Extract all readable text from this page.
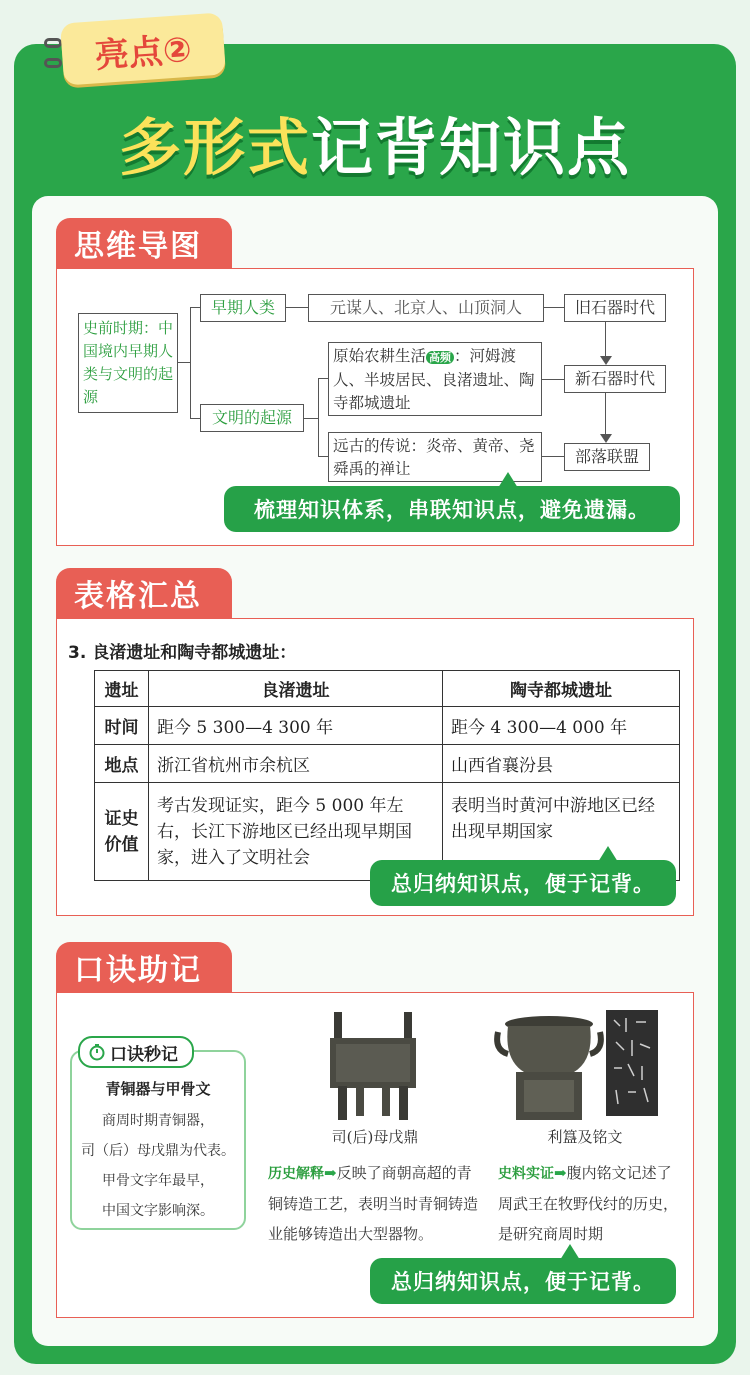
亮点②
多形式记背知识点
思维导图
史前时期：中国境内早期人类与文明的起源
早期人类
文明的起源
元谋人、北京人、山顶洞人	旧石器时代
原始农耕生活 高频 ：河姆渡人、半坡居民、良渚遗址、陶寺都城遗址
新石器时代
远古的传说：炎帝、黄帝、尧舜禹的禅让
部落联盟
梳理知识体系，串联知识点，避免遗漏。
表格汇总
3. 良渚遗址和陶寺都城遗址：
遗址	良渚遗址	陶寺都城遗址
时间	距今 5 300—4 300 年	距今 4 300—4 000 年
地点	浙江省杭州市余杭区	山西省襄汾县
证史价值	考古发现证实，距今 5 000 年左右，长江下游地区已经出现早期国家，进入了文明社会	表明当时黄河中游地区已经出现早期国家
总归纳知识点，便于记背。
口诀助记
口诀秒记
青铜器与甲骨文
商周时期青铜器，
司（后）母戊鼎为代表。
甲骨文字年最早，
中国文字影响深。
司(后)母戊鼎	利簋及铭文
历史解释➡反映了商朝高超的青铜铸造工艺，表明当时青铜铸造业能够铸造出大型器物。
史料实证➡腹内铭文记述了周武王在牧野伐纣的历史，是研究商周时期
总归纳知识点，便于记背。
